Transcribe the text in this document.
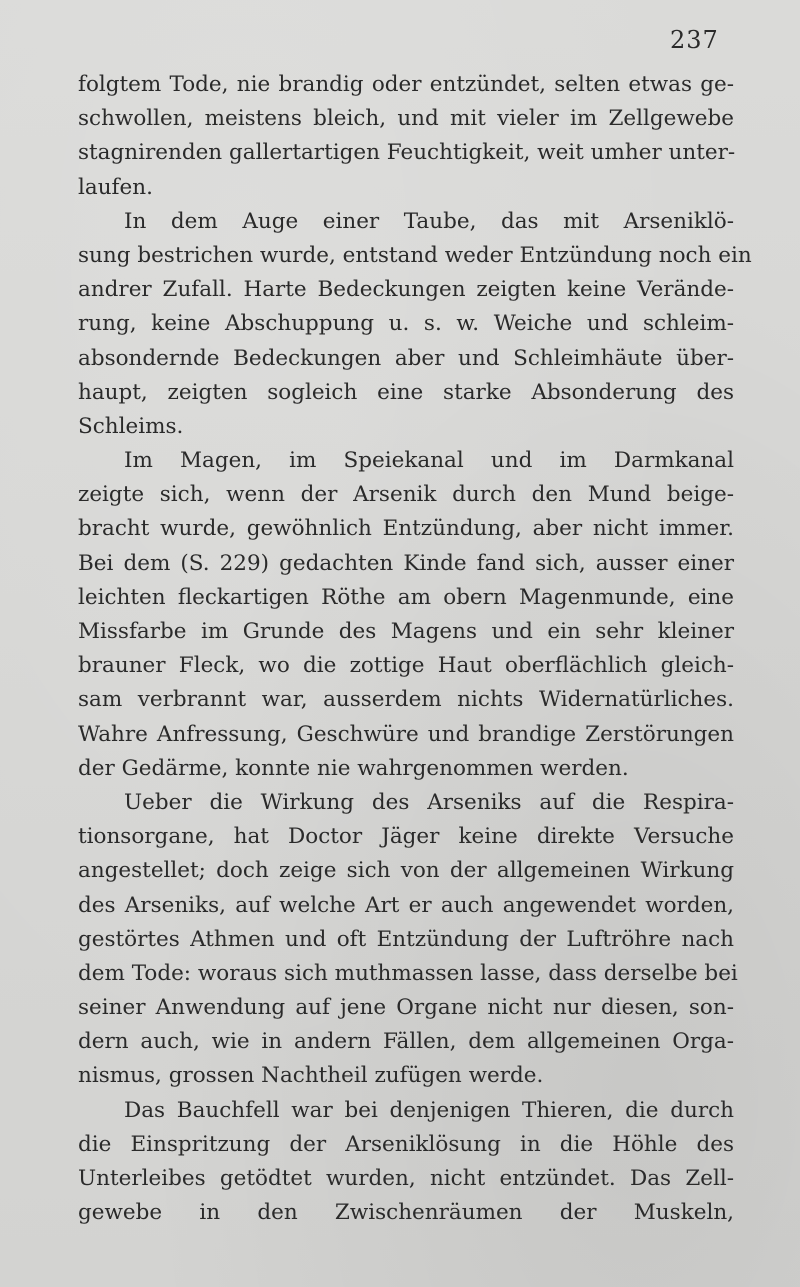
237
folgtem Tode, nie brandig oder entzündet, selten etwas ge-
schwollen, meistens bleich, und mit vieler im Zellgewebe
stagnirenden gallertartigen Feuchtigkeit, weit umher unter-
laufen.
In dem Auge einer Taube, das mit Arseniklö-
sung bestrichen wurde, entstand weder Entzündung noch ein
andrer Zufall. Harte Bedeckungen zeigten keine Verände-
rung, keine Abschuppung u. s. w. Weiche und schleim-
absondernde Bedeckungen aber und Schleimhäute über-
haupt, zeigten sogleich eine starke Absonderung des
Schleims.
Im Magen, im Speiekanal und im Darmkanal
zeigte sich, wenn der Arsenik durch den Mund beige-
bracht wurde, gewöhnlich Entzündung, aber nicht immer.
Bei dem (S. 229) gedachten Kinde fand sich, ausser einer
leichten fleckartigen Röthe am obern Magenmunde, eine
Missfarbe im Grunde des Magens und ein sehr kleiner
brauner Fleck, wo die zottige Haut oberflächlich gleich-
sam verbrannt war, ausserdem nichts Widernatürliches.
Wahre Anfressung, Geschwüre und brandige Zerstörungen
der Gedärme, konnte nie wahrgenommen werden.
Ueber die Wirkung des Arseniks auf die Respira-
tionsorgane, hat Doctor Jäger keine direkte Versuche
angestellet; doch zeige sich von der allgemeinen Wirkung
des Arseniks, auf welche Art er auch angewendet worden,
gestörtes Athmen und oft Entzündung der Luftröhre nach
dem Tode: woraus sich muthmassen lasse, dass derselbe bei
seiner Anwendung auf jene Organe nicht nur diesen, son-
dern auch, wie in andern Fällen, dem allgemeinen Orga-
nismus, grossen Nachtheil zufügen werde.
Das Bauchfell war bei denjenigen Thieren, die durch
die Einspritzung der Arseniklösung in die Höhle des
Unterleibes getödtet wurden, nicht entzündet. Das Zell-
gewebe in den Zwischenräumen der Muskeln,
